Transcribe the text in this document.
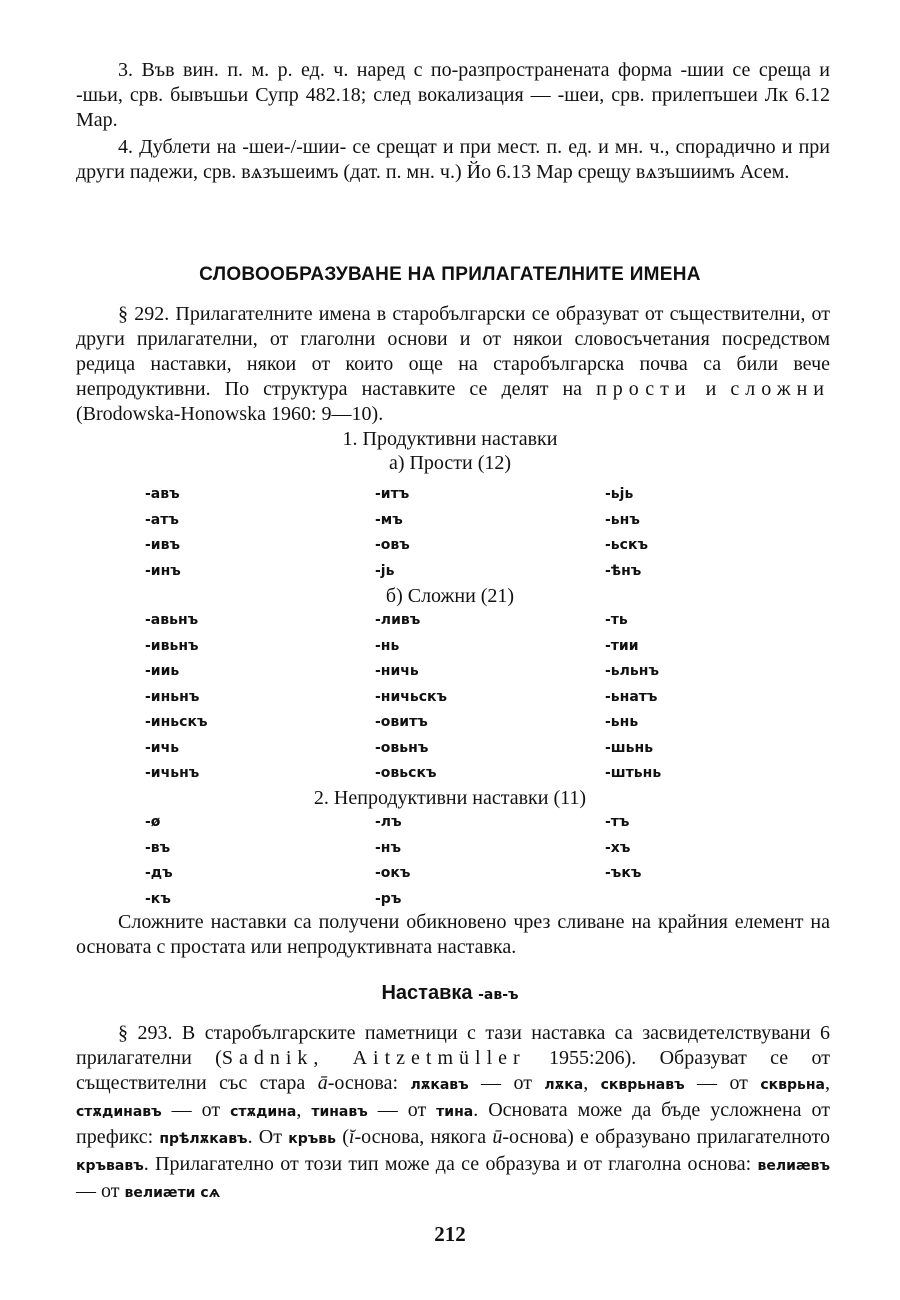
3. Във вин. п. м. р. ед. ч. наред с по-разпространената форма -шии се среща и -шьи, срв. бывъшьи Супр 482.18; след вокализация — -шеи, срв. прилепъшеи Лк 6.12 Мар.

4. Дублети на -шеи-/-шии- се срещат и при мест. п. ед. и мн. ч., спорадично и при други падежи, срв. вѧзъшеимъ (дат. п. мн. ч.) Йо 6.13 Мар срещу вѧзъшиимъ Асем.

СЛОВООБРАЗУВАНЕ НА ПРИЛАГАТЕЛНИТЕ ИМЕНА

§ 292. Прилагателните имена в старобългарски се образуват от съществителни, от други прилагателни, от глаголни основи и от някои словосъчетания посредством редица наставки, някои от които още на старобългарска почва са били вече непродуктивни. По структура наставките се делят на прости и сложни (Brodowska-Honowska 1960: 9—10).

1. Продуктивни наставки
а) Прости (12)
-авъ	-итъ	-ьjь
-атъ	-мъ	-ьнъ
-ивъ	-овъ	-ьскъ
-инъ	-jь	-ѣнъ
б) Сложни (21)
-авьнъ	-ливъ	-ть
-ивьнъ	-нь	-тии
-ииь	-ничь	-ьльнъ
-иньнъ	-ничьскъ	-ьнатъ
-иньскъ	-овитъ	-ьнь
-ичь	-овьнъ	-шьнь
-ичьнъ	-овьскъ	-штьнь
2. Непродуктивни наставки (11)
-ø	-лъ	-тъ
-въ	-нъ	-хъ
-дъ	-окъ	-ъкъ
-къ	-ръ

Сложните наставки са получени обикновено чрез сливане на крайния елемент на основата с простата или непродуктивната наставка.

Наставка -ав-ъ

§ 293. В старобългарските паметници с тази наставка са засвидетелствувани 6 прилагателни (Sadnik, Aitzetmüller 1955:206). Образуват се от съществителни със стара ā-основа: лѫкавъ — от лѫка, скврьнавъ — от скврьна, стѫдинавъ — от стѫдина, тинавъ — от тина. Основата може да бъде усложнена от префикс: прѣлѫкавъ. От кръвь (ĭ-основа, някога ū-основа) е образувано прилагателното кръвавъ. Прилагателно от този тип може да се образува и от глаголна основа: велиӕвъ — от велиӕти сѧ

212
